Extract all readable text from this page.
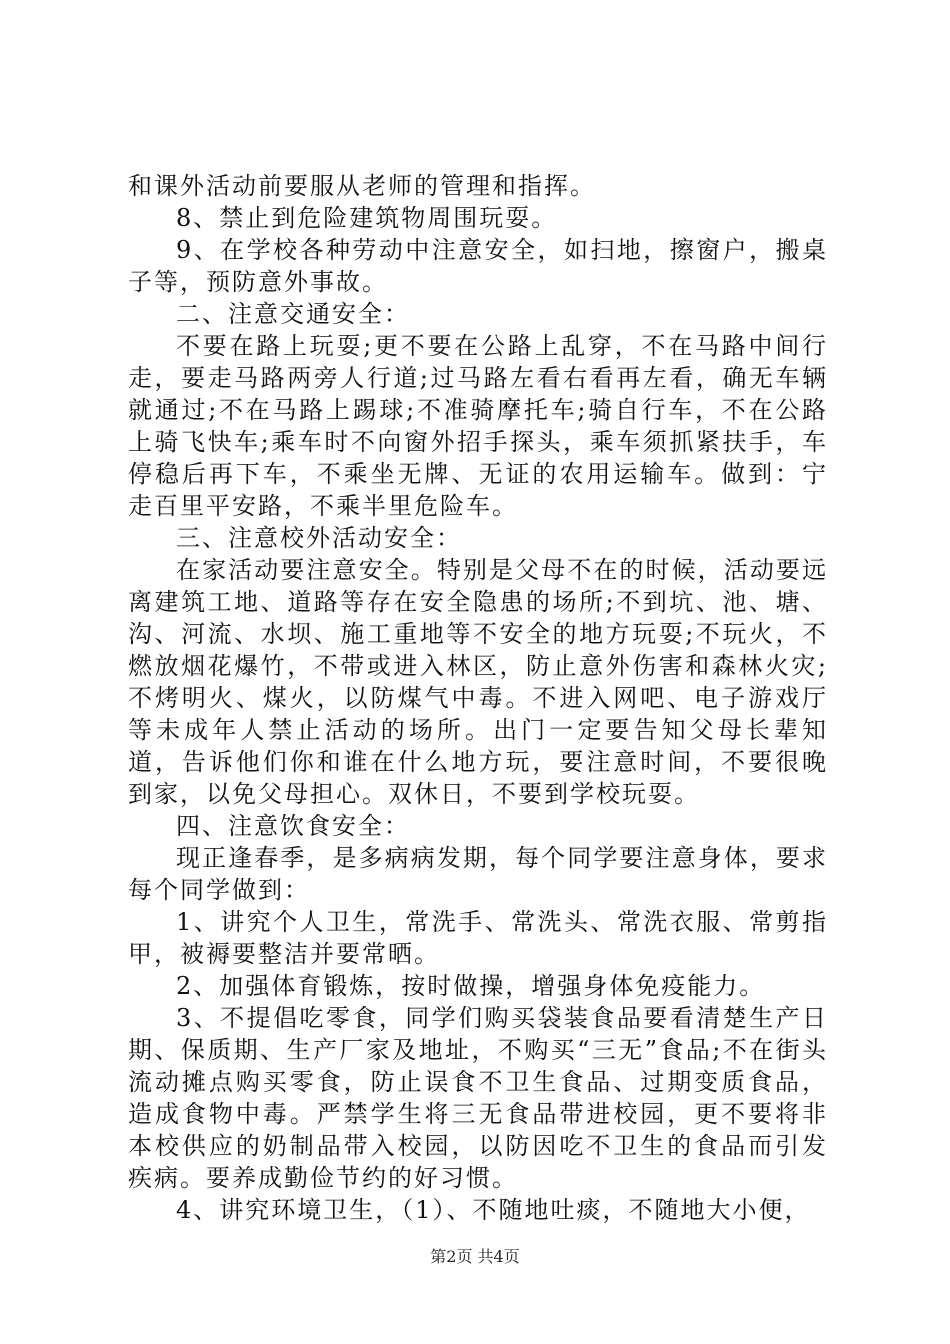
和课外活动前要服从老师的管理和指挥。

8、禁止到危险建筑物周围玩耍。

9、在学校各种劳动中注意安全，如扫地，擦窗户，搬桌子等，预防意外事故。

二、注意交通安全：

不要在路上玩耍;更不要在公路上乱穿，不在马路中间行走，要走马路两旁人行道;过马路左看右看再左看，确无车辆就通过;不在马路上踢球;不准骑摩托车;骑自行车，不在公路上骑飞快车;乘车时不向窗外招手探头，乘车须抓紧扶手，车停稳后再下车，不乘坐无牌、无证的农用运输车。做到：宁走百里平安路，不乘半里危险车。

三、注意校外活动安全：

在家活动要注意安全。特别是父母不在的时候，活动要远离建筑工地、道路等存在安全隐患的场所;不到坑、池、塘、沟、河流、水坝、施工重地等不安全的地方玩耍;不玩火，不燃放烟花爆竹，不带或进入林区，防止意外伤害和森林火灾;不烤明火、煤火，以防煤气中毒。不进入网吧、电子游戏厅等未成年人禁止活动的场所。出门一定要告知父母长辈知道，告诉他们你和谁在什么地方玩，要注意时间，不要很晚到家，以免父母担心。双休日，不要到学校玩耍。

四、注意饮食安全：

现正逢春季，是多病病发期，每个同学要注意身体，要求每个同学做到：

1、讲究个人卫生，常洗手、常洗头、常洗衣服、常剪指甲，被褥要整洁并要常晒。

2、加强体育锻炼，按时做操，增强身体免疫能力。

3、不提倡吃零食，同学们购买袋装食品要看清楚生产日期、保质期、生产厂家及地址，不购买“三无”食品;不在街头流动摊点购买零食，防止误食不卫生食品、过期变质食品，造成食物中毒。严禁学生将三无食品带进校园，更不要将非本校供应的奶制品带入校园，以防因吃不卫生的食品而引发疾病。要养成勤俭节约的好习惯。

4、讲究环境卫生，（1）、不随地吐痰，不随地大小便，

第2页 共4页
